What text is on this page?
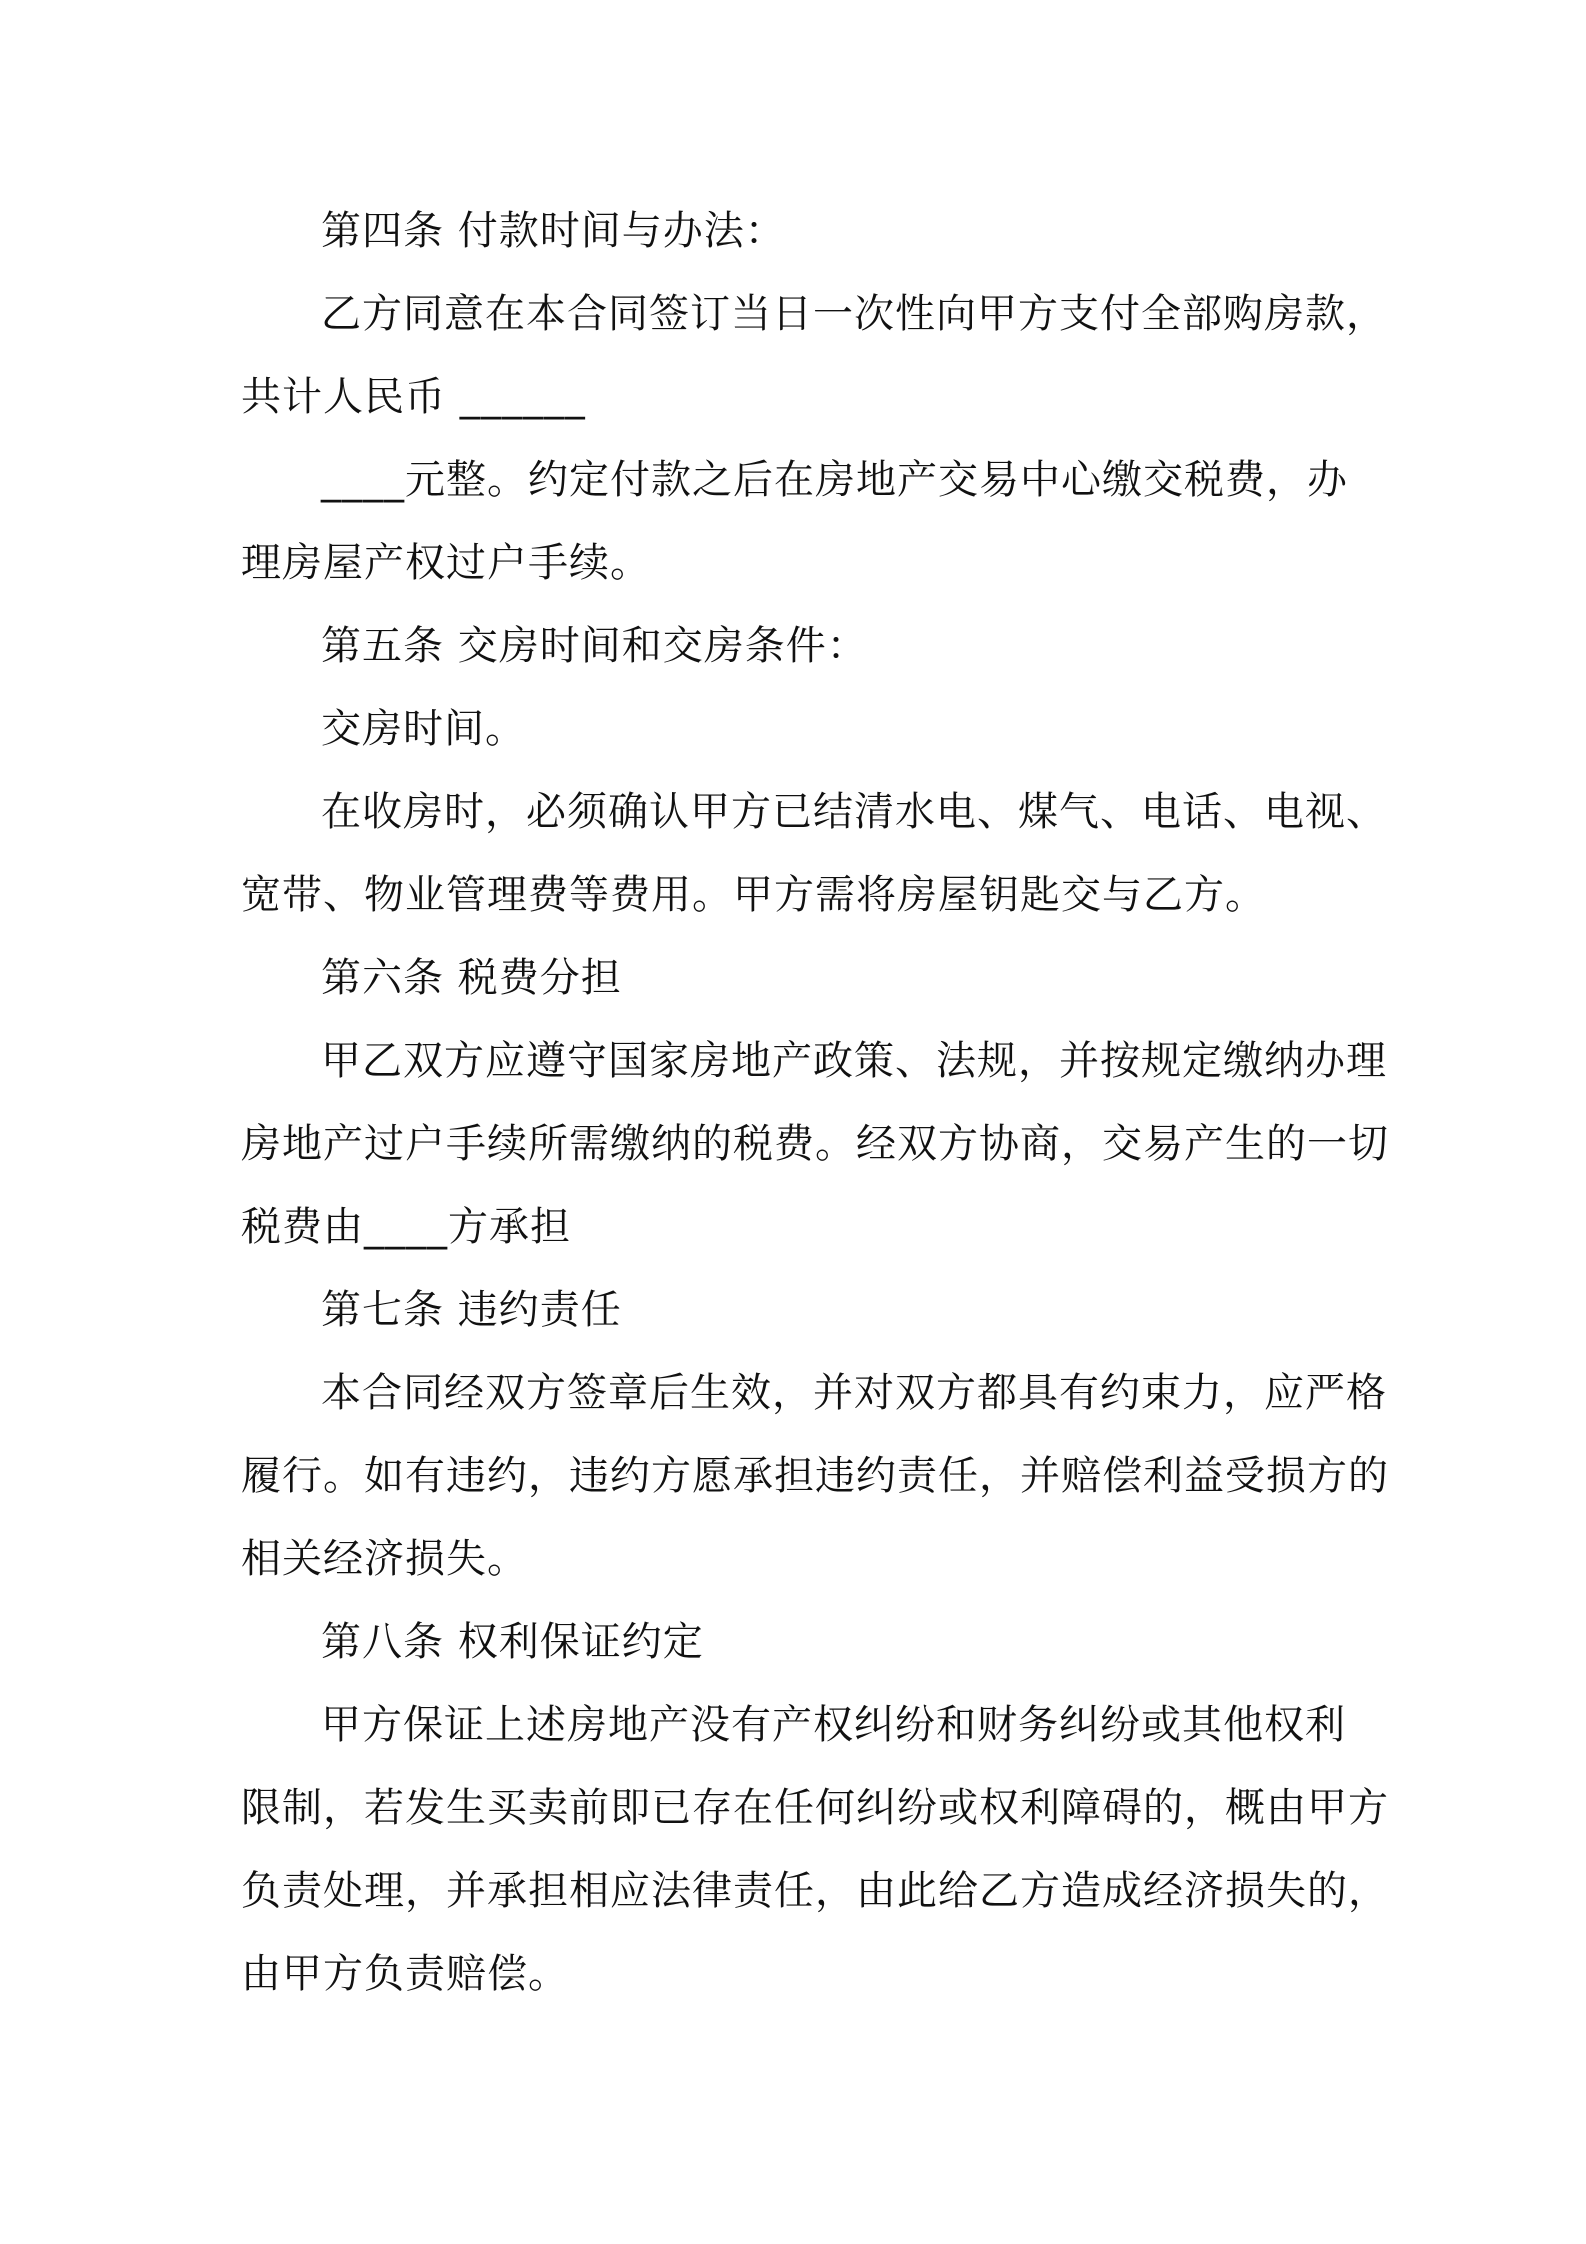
第四条 付款时间与办法：
乙方同意在本合同签订当日一次性向甲方支付全部购房款，
共计人民币 ______
____元整。约定付款之后在房地产交易中心缴交税费，办
理房屋产权过户手续。
第五条 交房时间和交房条件：
交房时间。
在收房时，必须确认甲方已结清水电、煤气、电话、电视、
宽带、物业管理费等费用。甲方需将房屋钥匙交与乙方。
第六条 税费分担
甲乙双方应遵守国家房地产政策、法规，并按规定缴纳办理
房地产过户手续所需缴纳的税费。经双方协商，交易产生的一切
税费由____方承担
第七条 违约责任
本合同经双方签章后生效，并对双方都具有约束力，应严格
履行。如有违约，违约方愿承担违约责任，并赔偿利益受损方的
相关经济损失。
第八条 权利保证约定
甲方保证上述房地产没有产权纠纷和财务纠纷或其他权利
限制，若发生买卖前即已存在任何纠纷或权利障碍的，概由甲方
负责处理，并承担相应法律责任，由此给乙方造成经济损失的，
由甲方负责赔偿。
